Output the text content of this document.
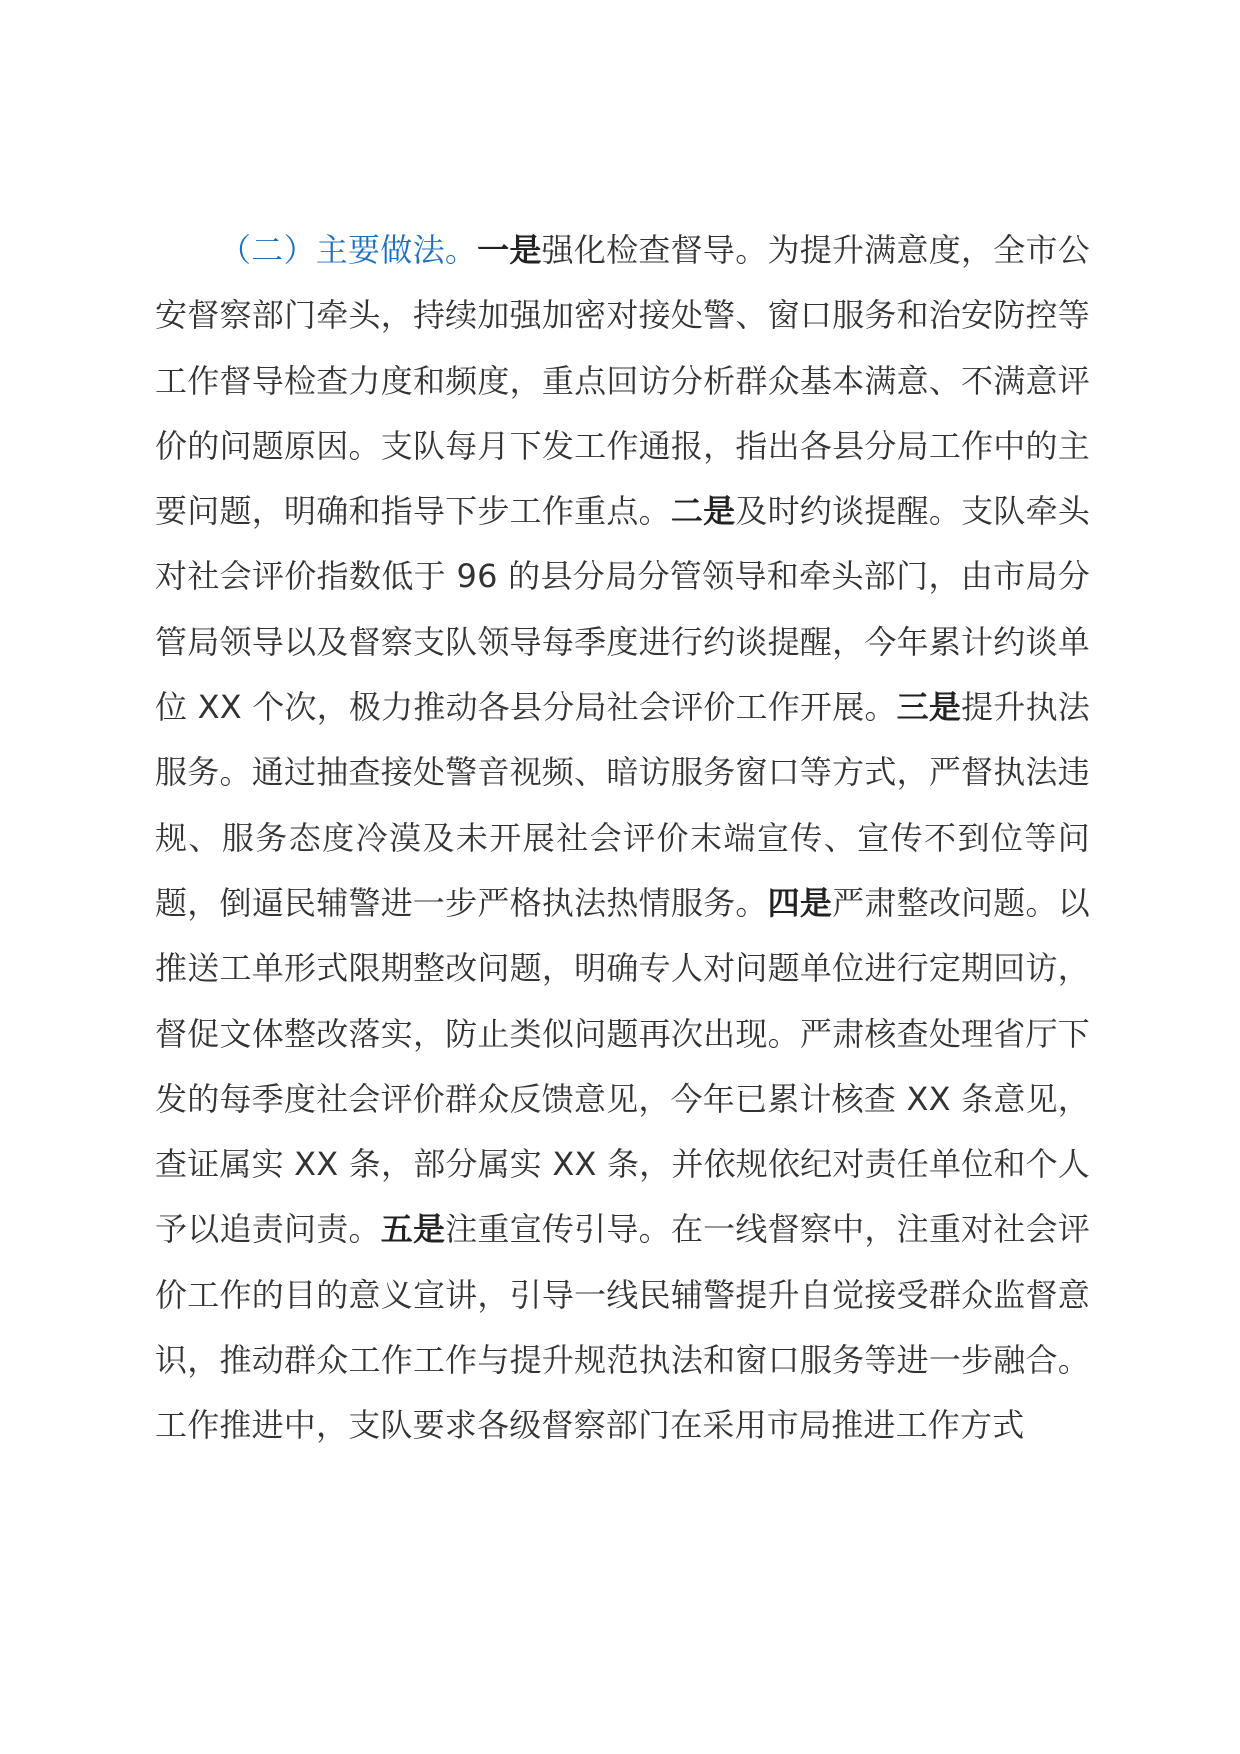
（二）主要做法。一是强化检查督导。为提升满意度，全市公安督察部门牵头，持续加强加密对接处警、窗口服务和治安防控等工作督导检查力度和频度，重点回访分析群众基本满意、不满意评价的问题原因。支队每月下发工作通报，指出各县分局工作中的主要问题，明确和指导下步工作重点。二是及时约谈提醒。支队牵头对社会评价指数低于 96 的县分局分管领导和牵头部门，由市局分管局领导以及督察支队领导每季度进行约谈提醒，今年累计约谈单位 XX 个次，极力推动各县分局社会评价工作开展。三是提升执法服务。通过抽查接处警音视频、暗访服务窗口等方式，严督执法违规、服务态度冷漠及未开展社会评价末端宣传、宣传不到位等问题，倒逼民辅警进一步严格执法热情服务。四是严肃整改问题。以推送工单形式限期整改问题，明确专人对问题单位进行定期回访，督促文体整改落实，防止类似问题再次出现。严肃核查处理省厅下发的每季度社会评价群众反馈意见，今年已累计核查 XX 条意见，查证属实 XX 条，部分属实 XX 条，并依规依纪对责任单位和个人予以追责问责。五是注重宣传引导。在一线督察中，注重对社会评价工作的目的意义宣讲，引导一线民辅警提升自觉接受群众监督意识，推动群众工作工作与提升规范执法和窗口服务等进一步融合。工作推进中，支队要求各级督察部门在采用市局推进工作方式
